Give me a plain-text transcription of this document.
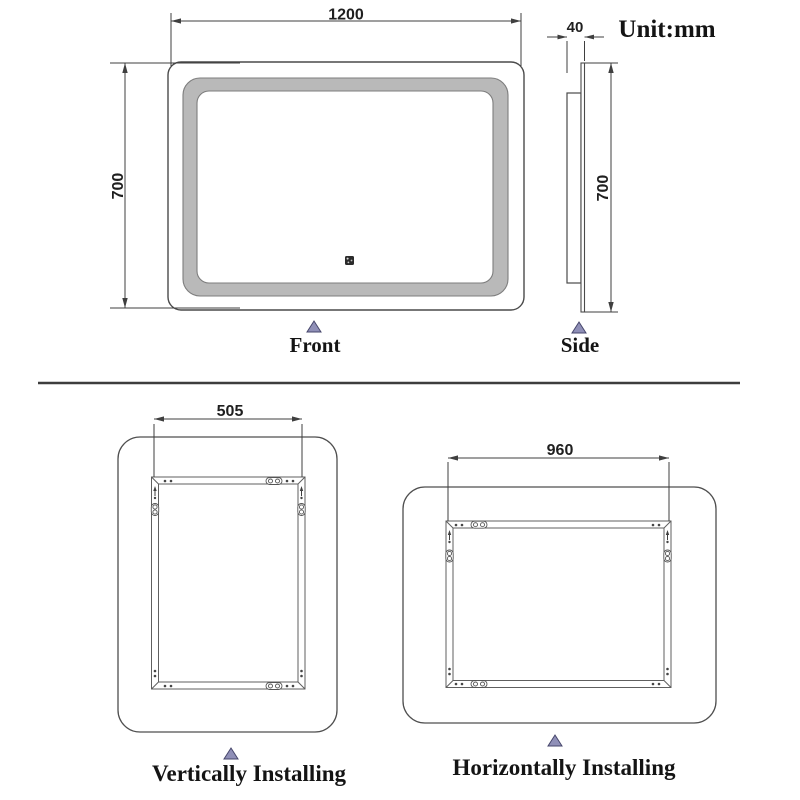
1200
700
Front
40
700
Side
Unit:mm
505
Vertically Installing
960
Horizontally Installing
